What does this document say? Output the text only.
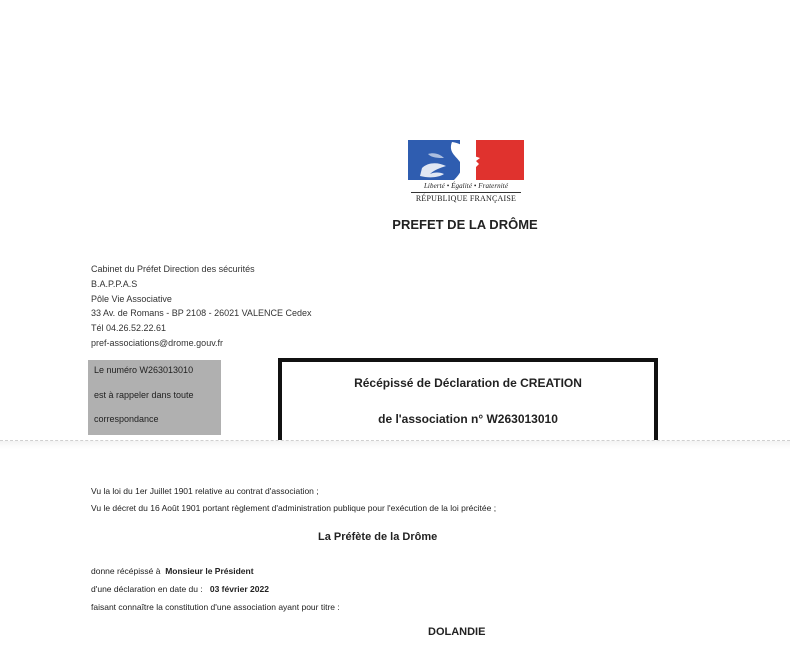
Liberté • Égalité • Fraternité
RÉPUBLIQUE FRANÇAISE
PREFET DE LA DRÔME
Cabinet du Préfet Direction des sécurités
B.A.P.P.A.S
Pôle Vie Associative
33 Av. de Romans - BP 2108 - 26021 VALENCE Cedex
Tél 04.26.52.22.61
pref-associations@drome.gouv.fr
Le numéro W263013010
est à rappeler dans toute
correspondance
Récépissé de Déclaration de CREATION
de l'association n° W263013010
Vu la loi du 1er Juillet 1901 relative au contrat d'association ;
Vu le décret du 16 Août 1901 portant règlement d'administration publique pour l'exécution de la loi précitée ;
La Préfète de la Drôme
donne récépissé à Monsieur le Président
d'une déclaration en date du : 03 février 2022
faisant connaître la constitution d'une association ayant pour titre :
DOLANDIE
